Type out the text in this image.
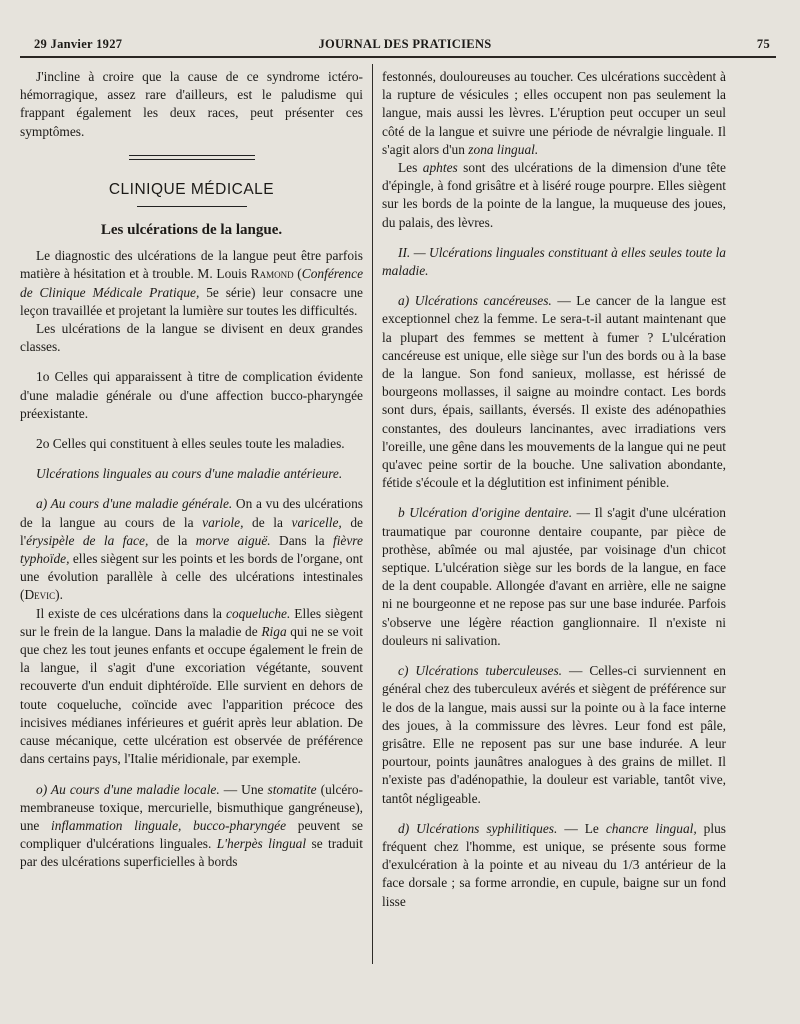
29 Janvier 1927	JOURNAL DES PRATICIENS	75

J'incline à croire que la cause de ce syndrome ictéro-hémorragique, assez rare d'ailleurs, est le paludisme qui frappant également les deux races, peut présenter ces symptômes.

CLINIQUE MÉDICALE
Les ulcérations de la langue.

Le diagnostic des ulcérations de la langue peut être parfois matière à hésitation et à trouble. M. Louis Ramond (Conférence de Clinique Médicale Pratique, 5e série) leur consacre une leçon travaillée et projetant la lumière sur toutes les difficultés.

Les ulcérations de la langue se divisent en deux grandes classes.

1o Celles qui apparaissent à titre de complication évidente d'une maladie générale ou d'une affection bucco-pharyngée préexistante.

2o Celles qui constituent à elles seules toute les maladies.

Ulcérations linguales au cours d'une maladie antérieure.

a) Au cours d'une maladie générale. On a vu des ulcérations de la langue au cours de la variole, de la varicelle, de l'érysipèle de la face, de la morve aiguë. Dans la fièvre typhoïde, elles siègent sur les points et les bords de l'organe, ont une évolution parallèle à celle des ulcérations intestinales (Devic).

Il existe de ces ulcérations dans la coqueluche. Elles siègent sur le frein de la langue. Dans la maladie de Riga qui ne se voit que chez les tout jeunes enfants et occupe également le frein de la langue, il s'agit d'une excoriation végétante, souvent recouverte d'un enduit diphtéroïde. Elle survient en dehors de toute coqueluche, coïncide avec l'apparition précoce des incisives médianes inférieures et guérit après leur ablation. De cause mécanique, cette ulcération est observée de préférence dans certains pays, l'Italie méridionale, par exemple.

o) Au cours d'une maladie locale. — Une stomatite (ulcéro-membraneuse toxique, mercurielle, bismuthique gangréneuse), une inflammation linguale, bucco-pharyngée peuvent se compliquer d'ulcérations linguales. L'herpès lingual se traduit par des ulcérations superficielles à bords

festonnés, douloureuses au toucher. Ces ulcérations succèdent à la rupture de vésicules ; elles occupent non pas seulement la langue, mais aussi les lèvres. L'éruption peut occuper un seul côté de la langue et suivre une période de névralgie linguale. Il s'agit alors d'un zona lingual.

Les aphtes sont des ulcérations de la dimension d'une tête d'épingle, à fond grisâtre et à liséré rouge pourpre. Elles siègent sur les bords de la pointe de la langue, la muqueuse des joues, du palais, des lèvres.

II. — Ulcérations linguales constituant à elles seules toute la maladie.

a) Ulcérations cancéreuses. — Le cancer de la langue est exceptionnel chez la femme. Le sera-t-il autant maintenant que la plupart des femmes se mettent à fumer ? L'ulcération cancéreuse est unique, elle siège sur l'un des bords ou à la base de la langue. Son fond sanieux, mollasse, est hérissé de bourgeons mollasses, il saigne au moindre contact. Les bords sont durs, épais, saillants, éversés. Il existe des adénopathies constantes, des douleurs lancinantes, avec irradiations vers l'oreille, une gêne dans les mouvements de la langue qui ne peut qu'avec peine sortir de la bouche. Une salivation abondante, fétide s'écoule et la déglutition est infiniment pénible.

b Ulcération d'origine dentaire. — Il s'agit d'une ulcération traumatique par couronne dentaire coupante, par pièce de prothèse, abîmée ou mal ajustée, par voisinage d'un chicot septique. L'ulcération siège sur les bords de la langue, en face de la dent coupable. Allongée d'avant en arrière, elle ne saigne ni ne bourgeonne et ne repose pas sur une base indurée. Parfois s'observe une légère réaction ganglionnaire. Il n'existe ni douleurs ni salivation.

c) Ulcérations tuberculeuses. — Celles-ci surviennent en général chez des tuberculeux avérés et siègent de préférence sur le dos de la langue, mais aussi sur la pointe ou à la face interne des joues, à la commissure des lèvres. Leur fond est pâle, grisâtre. Elle ne reposent pas sur une base indurée. A leur pourtour, points jaunâtres analogues à des grains de millet. Il n'existe pas d'adénopathie, la douleur est variable, tantôt vive, tantôt négligeable.

d) Ulcérations syphilitiques. — Le chancre lingual, plus fréquent chez l'homme, est unique, se présente sous forme d'exulcération à la pointe et au niveau du 1/3 antérieur de la face dorsale ; sa forme arrondie, en cupule, baigne sur un fond lisse
